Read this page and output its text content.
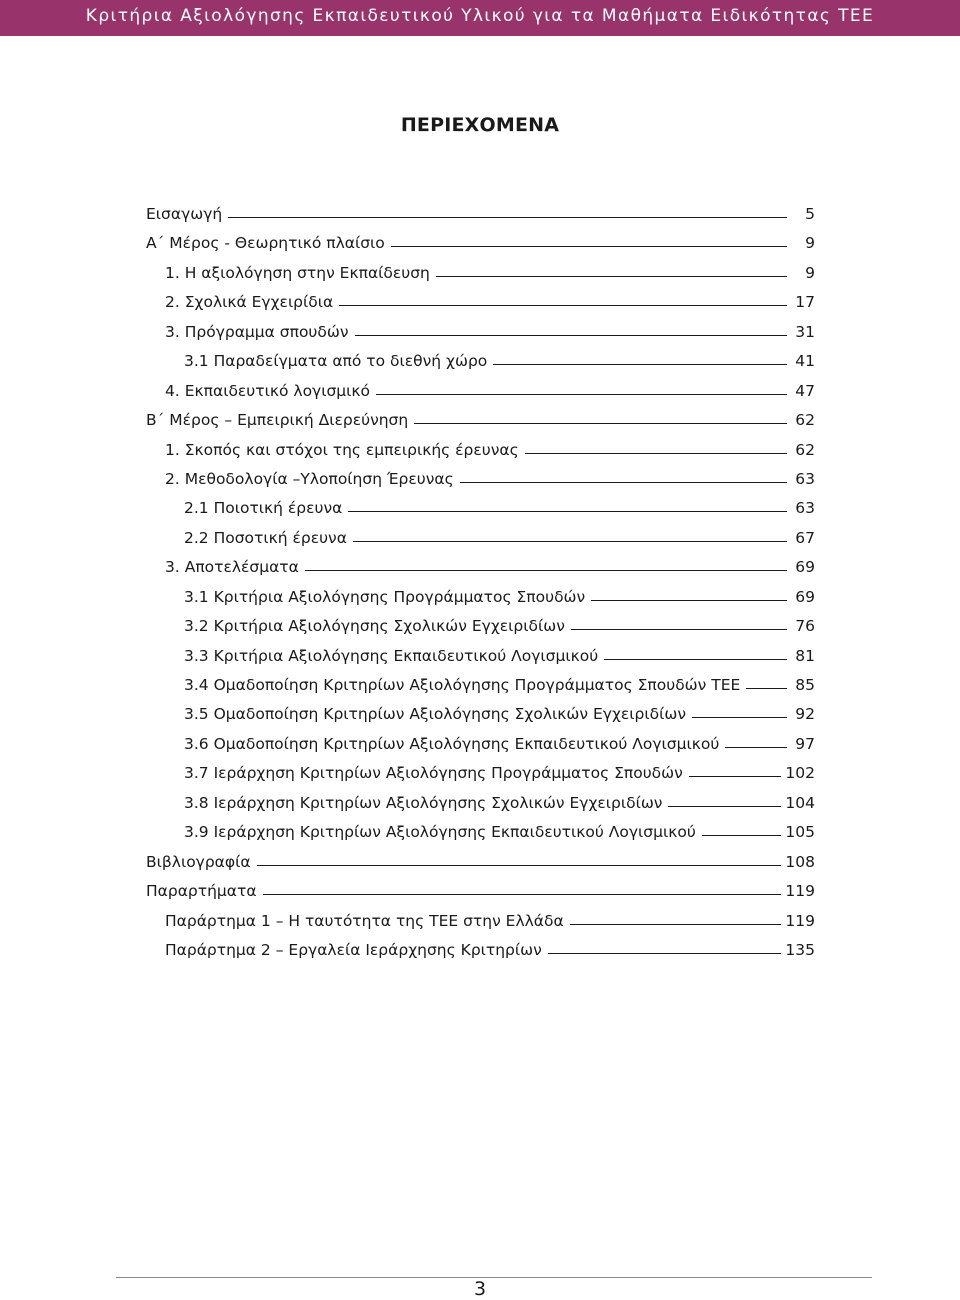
Κριτήρια Αξιολόγησης Εκπαιδευτικού Υλικού για τα Μαθήματα Ειδικότητας ΤΕΕ
ΠΕΡΙΕΧΟΜΕΝΑ
Εισαγωγή	5
Α΄ Μέρος - Θεωρητικό πλαίσιο	9
1. Η αξιολόγηση στην Εκπαίδευση	9
2. Σχολικά Εγχειρίδια	17
3. Πρόγραμμα σπουδών	31
3.1 Παραδείγματα από το διεθνή χώρο	41
4. Εκπαιδευτικό λογισμικό	47
Β΄ Μέρος – Εμπειρική Διερεύνηση	62
1. Σκοπός και στόχοι της εμπειρικής έρευνας	62
2. Μεθοδολογία –Υλοποίηση Έρευνας	63
2.1 Ποιοτική έρευνα	63
2.2 Ποσοτική έρευνα	67
3. Αποτελέσματα	69
3.1 Κριτήρια Αξιολόγησης Προγράμματος Σπουδών	69
3.2 Κριτήρια Αξιολόγησης Σχολικών Εγχειριδίων	76
3.3 Κριτήρια Αξιολόγησης Εκπαιδευτικού Λογισμικού	81
3.4 Ομαδοποίηση Κριτηρίων Αξιολόγησης Προγράμματος Σπουδών ΤΕΕ	85
3.5 Ομαδοποίηση Κριτηρίων Αξιολόγησης Σχολικών Εγχειριδίων	92
3.6 Ομαδοποίηση Κριτηρίων Αξιολόγησης Εκπαιδευτικού Λογισμικού	97
3.7 Ιεράρχηση Κριτηρίων Αξιολόγησης Προγράμματος Σπουδών	102
3.8 Ιεράρχηση Κριτηρίων Αξιολόγησης Σχολικών Εγχειριδίων	104
3.9 Ιεράρχηση Κριτηρίων Αξιολόγησης Εκπαιδευτικού Λογισμικού	105
Βιβλιογραφία	108
Παραρτήματα	119
Παράρτημα 1 – Η ταυτότητα της ΤΕΕ στην Ελλάδα	119
Παράρτημα 2 – Εργαλεία Ιεράρχησης Κριτηρίων	135
3
